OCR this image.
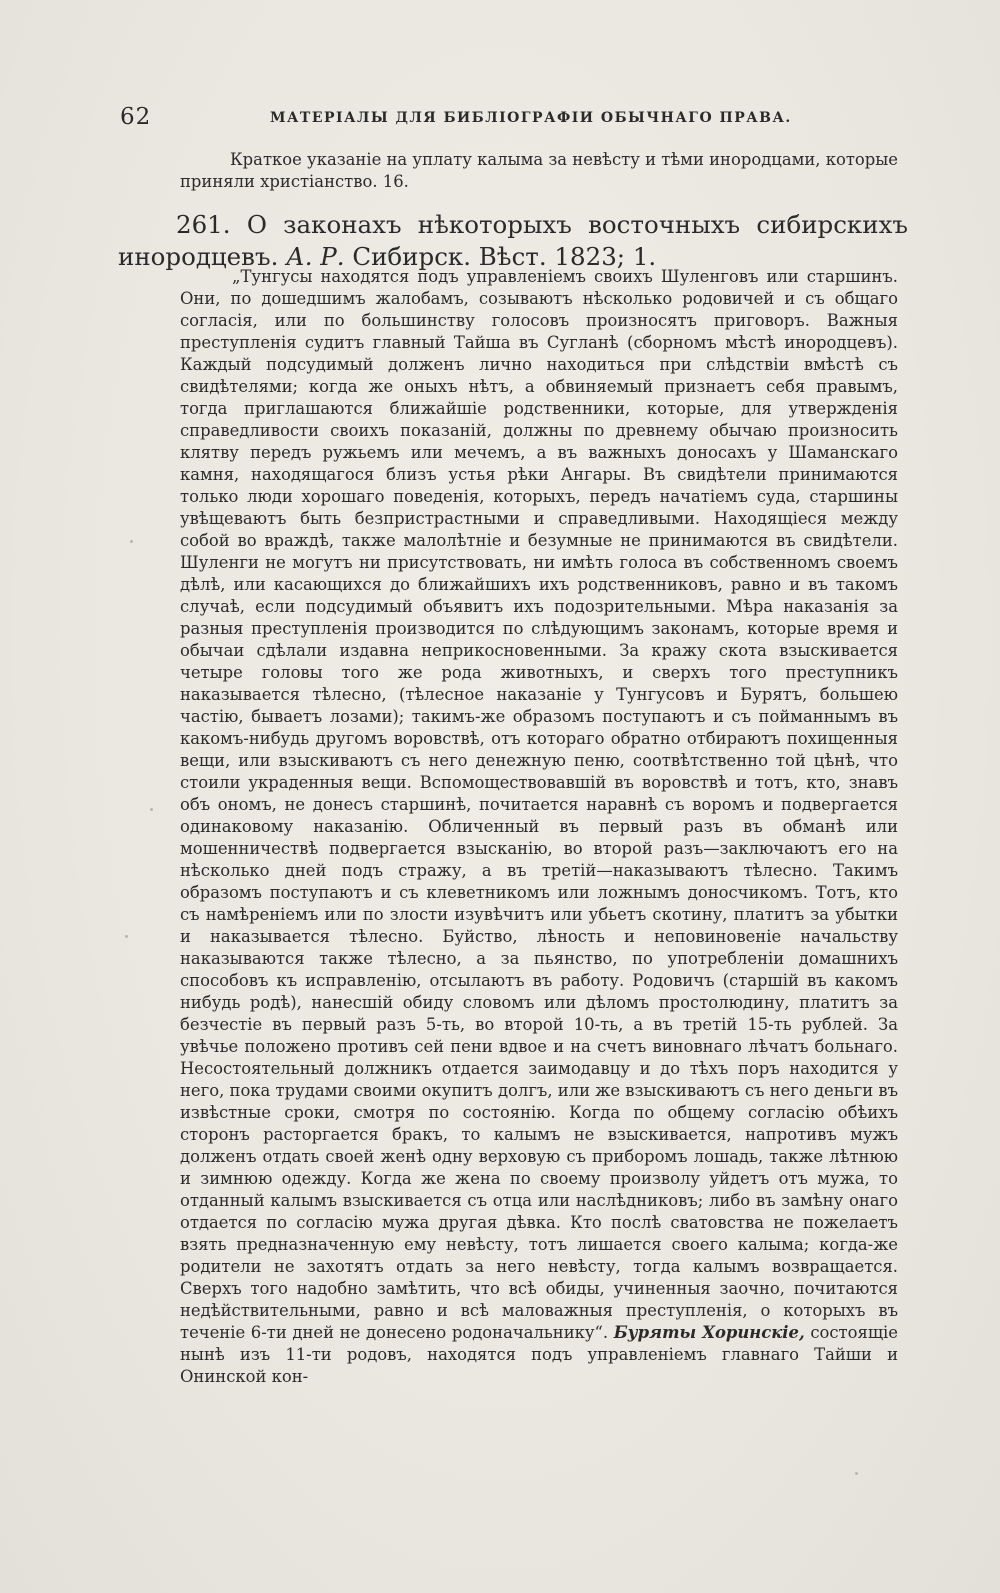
62	МАТЕРІАЛЫ ДЛЯ БИБЛІОГРАФІИ ОБЫЧНАГО ПРАВА.

Краткое указаніе на уплату калыма за невѣсту и тѣми инородцами, которые приняли христіанство. 16.

261. О законахъ нѣкоторыхъ восточныхъ сибирскихъ инородцевъ. А. Р. Сибирск. Вѣст. 1823; 1.

„Тунгусы находятся подъ управленіемъ своихъ Шуленговъ или старшинъ. Они, по дошедшимъ жалобамъ, созываютъ нѣсколько родовичей и съ общаго согласія, или по большинству голосовъ произносятъ приговоръ. Важныя преступленія судитъ главный Тайша въ Сугланѣ (сборномъ мѣстѣ инородцевъ). Каждый подсудимый долженъ лично находиться при слѣдствіи вмѣстѣ съ свидѣтелями; когда же оныхъ нѣтъ, а обвиняемый признаетъ себя правымъ, тогда приглашаются ближайшіе родственники, которые, для утвержденія справедливости своихъ показаній, должны по древнему обычаю произносить клятву передъ ружьемъ или мечемъ, а въ важныхъ доносахъ у Шаманскаго камня, находящагося близъ устья рѣки Ангары. Въ свидѣтели принимаются только люди хорошаго поведенія, которыхъ, передъ начатіемъ суда, старшины увѣщеваютъ быть безпристрастными и справедливыми. Находящіеся между собой во враждѣ, также малолѣтніе и безумные не принимаются въ свидѣтели. Шуленги не могутъ ни присутствовать, ни имѣть голоса въ собственномъ своемъ дѣлѣ, или касающихся до ближайшихъ ихъ родственниковъ, равно и въ такомъ случаѣ, если подсудимый объявитъ ихъ подозрительными. Мѣра наказанія за разныя преступленія производится по слѣдующимъ законамъ, которые время и обычаи сдѣлали издавна неприкосновенными. За кражу скота взыскивается четыре головы того же рода животныхъ, и сверхъ того преступникъ наказывается тѣлесно, (тѣлесное наказаніе у Тунгусовъ и Бурятъ, большею частію, бываетъ лозами); такимъ-же образомъ поступаютъ и съ пойманнымъ въ какомъ-нибудь другомъ воровствѣ, отъ котораго обратно отбираютъ похищенныя вещи, или взыскиваютъ съ него денежную пеню, соотвѣтственно той цѣнѣ, что стоили украденныя вещи. Вспомоществовавшій въ воровствѣ и тотъ, кто, знавъ объ ономъ, не донесъ старшинѣ, почитается наравнѣ съ воромъ и подвергается одинаковому наказанію. Обличенный въ первый разъ въ обманѣ или мошенничествѣ подвергается взысканію, во второй разъ—заключаютъ его на нѣсколько дней подъ стражу, а въ третій—наказываютъ тѣлесно. Такимъ образомъ поступаютъ и съ клеветникомъ или ложнымъ доносчикомъ. Тотъ, кто съ намѣреніемъ или по злости изувѣчитъ или убьетъ скотину, платитъ за убытки и наказывается тѣлесно. Буйство, лѣность и неповиновеніе начальству наказываются также тѣлесно, а за пьянство, по употребленіи домашнихъ способовъ къ исправленію, отсылаютъ въ работу. Родовичъ (старшій въ какомъ нибудь родѣ), нанесшій обиду словомъ или дѣломъ простолюдину, платитъ за безчестіе въ первый разъ 5-ть, во второй 10-ть, а въ третій 15-ть рублей. За увѣчье положено противъ сей пени вдвое и на счетъ виновнаго лѣчатъ больнаго. Несостоятельный должникъ отдается заимодавцу и до тѣхъ поръ находится у него, пока трудами своими окупитъ долгъ, или же взыскиваютъ съ него деньги въ извѣстные сроки, смотря по состоянію. Когда по общему согласію обѣихъ сторонъ расторгается бракъ, то калымъ не взыскивается, напротивъ мужъ долженъ отдать своей женѣ одну верховую съ приборомъ лошадь, также лѣтнюю и зимнюю одежду. Когда же жена по своему произволу уйдетъ отъ мужа, то отданный калымъ взыскивается съ отца или наслѣдниковъ; либо въ замѣну онаго отдается по согласію мужа другая дѣвка. Кто послѣ сватовства не пожелаетъ взять предназначенную ему невѣсту, тотъ лишается своего калыма; когда-же родители не захотятъ отдать за него невѣсту, тогда калымъ возвращается. Сверхъ того надобно замѣтить, что всѣ обиды, учиненныя заочно, почитаются недѣйствительными, равно и всѣ маловажныя преступленія, о которыхъ въ теченіе 6-ти дней не донесено родоначальнику“. Буряты Хоринскіе, состоящіе нынѣ изъ 11-ти родовъ, находятся подъ управленіемъ главнаго Тайши и Онинской кон-
